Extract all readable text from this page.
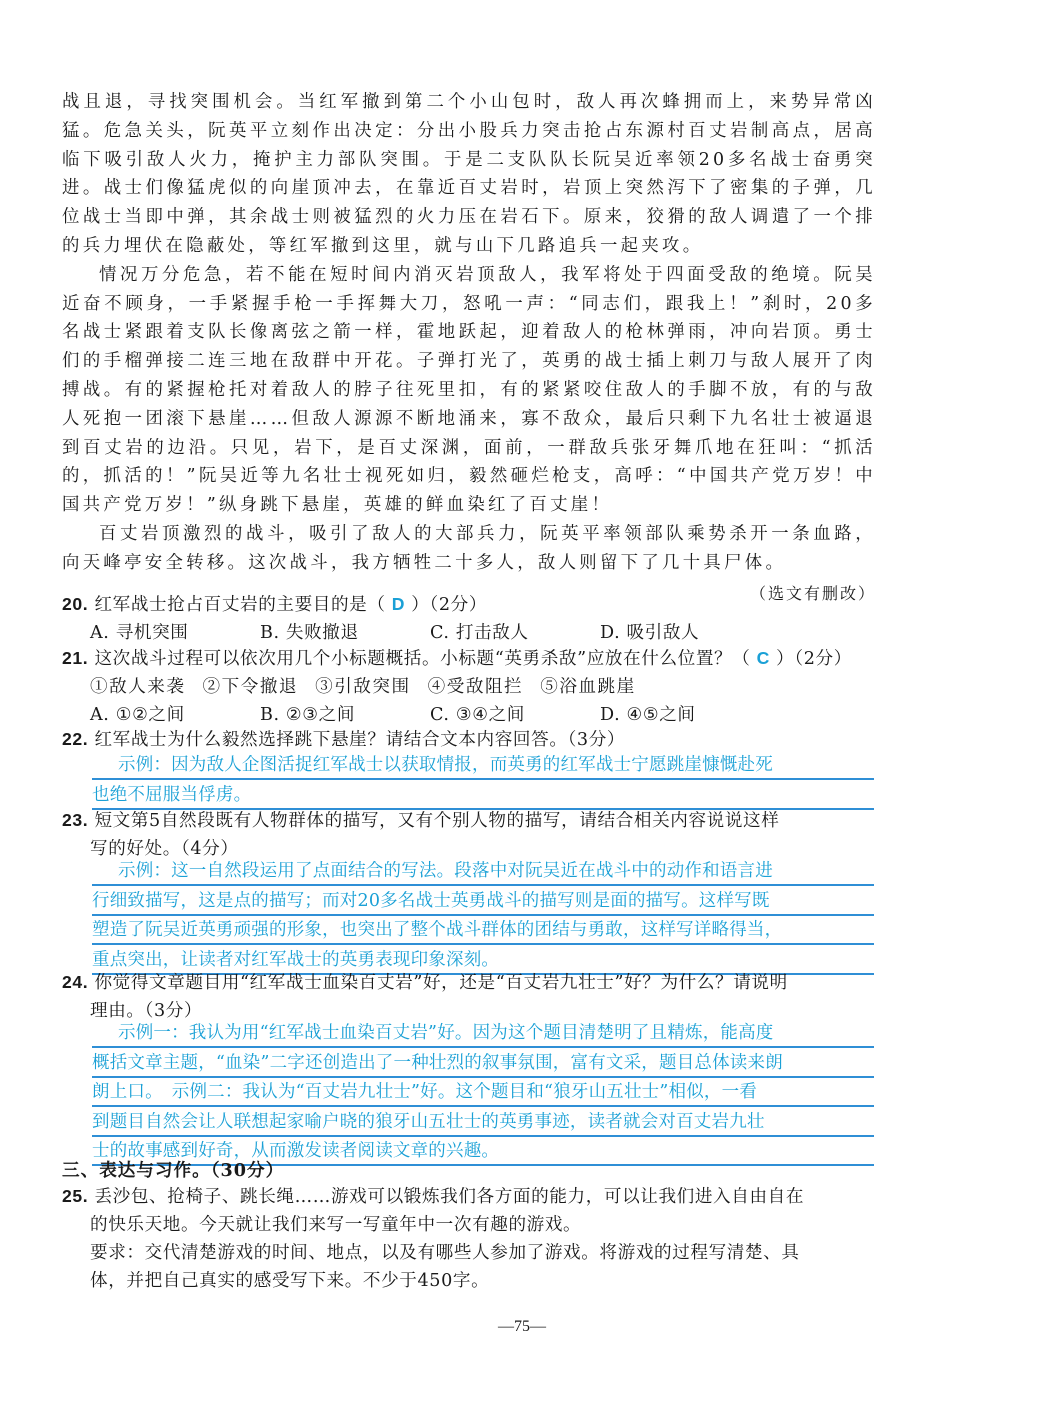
战且退，寻找突围机会。当红军撤到第二个小山包时，敌人再次蜂拥而上，来势异常凶猛。危急关头，阮英平立刻作出决定：分出小股兵力突击抢占东源村百丈岩制高点，居高临下吸引敌人火力，掩护主力部队突围。于是二支队队长阮吴近率领20多名战士奋勇突进。战士们像猛虎似的向崖顶冲去，在靠近百丈岩时，岩顶上突然泻下了密集的子弹，几位战士当即中弹，其余战士则被猛烈的火力压在岩石下。原来，狡猾的敌人调遣了一个排的兵力埋伏在隐蔽处，等红军撤到这里，就与山下几路追兵一起夹攻。

情况万分危急，若不能在短时间内消灭岩顶敌人，我军将处于四面受敌的绝境。阮吴近奋不顾身，一手紧握手枪一手挥舞大刀，怒吼一声：“同志们，跟我上！”刹时，20多名战士紧跟着支队长像离弦之箭一样，霍地跃起，迎着敌人的枪林弹雨，冲向岩顶。勇士们的手榴弹接二连三地在敌群中开花。子弹打光了，英勇的战士插上刺刀与敌人展开了肉搏战。有的紧握枪托对着敌人的脖子往死里扣，有的紧紧咬住敌人的手脚不放，有的与敌人死抱一团滚下悬崖……但敌人源源不断地涌来，寡不敌众，最后只剩下九名壮士被逼退到百丈岩的边沿。只见，岩下，是百丈深渊，面前，一群敌兵张牙舞爪地在狂叫：“抓活的，抓活的！”阮吴近等九名壮士视死如归，毅然砸烂枪支，高呼：“中国共产党万岁！中国共产党万岁！”纵身跳下悬崖，英雄的鲜血染红了百丈崖！

百丈岩顶激烈的战斗，吸引了敌人的大部兵力，阮英平率领部队乘势杀开一条血路，向天峰亭安全转移。这次战斗，我方牺牲二十多人，敌人则留下了几十具尸体。

（选文有删改）
20. 红军战士抢占百丈岩的主要目的是（ D ）（2分）
A. 寻机突围	B. 失败撤退	C. 打击敌人	D. 吸引敌人
21. 这次战斗过程可以依次用几个小标题概括。小标题“英勇杀敌”应放在什么位置？（ C ）（2分）
①敌人来袭 ②下令撤退 ③引敌突围 ④受敌阻拦 ⑤浴血跳崖
A. ①②之间	B. ②③之间	C. ③④之间	D. ④⑤之间
22. 红军战士为什么毅然选择跳下悬崖？请结合文本内容回答。（3分）
示例：因为敌人企图活捉红军战士以获取情报，而英勇的红军战士宁愿跳崖慷慨赴死
也绝不屈服当俘虏。
23. 短文第5自然段既有人物群体的描写，又有个别人物的描写，请结合相关内容说说这样
写的好处。（4分）
示例：这一自然段运用了点面结合的写法。段落中对阮吴近在战斗中的动作和语言进
行细致描写，这是点的描写；而对20多名战士英勇战斗的描写则是面的描写。这样写既
塑造了阮吴近英勇顽强的形象，也突出了整个战斗群体的团结与勇敢，这样写详略得当，
重点突出，让读者对红军战士的英勇表现印象深刻。
24. 你觉得文章题目用“红军战士血染百丈岩”好，还是“百丈岩九壮士”好？为什么？请说明
理由。（3分）
示例一：我认为用“红军战士血染百丈岩”好。因为这个题目清楚明了且精炼，能高度
概括文章主题，“血染”二字还创造出了一种壮烈的叙事氛围，富有文采，题目总体读来朗
朗上口。　示例二：我认为“百丈岩九壮士”好。这个题目和“狼牙山五壮士”相似，一看
到题目自然会让人联想起家喻户晓的狼牙山五壮士的英勇事迹，读者就会对百丈岩九壮
士的故事感到好奇，从而激发读者阅读文章的兴趣。
三、表达与习作。（30分）
25. 丢沙包、抢椅子、跳长绳……游戏可以锻炼我们各方面的能力，可以让我们进入自由自在
的快乐天地。今天就让我们来写一写童年中一次有趣的游戏。
要求：交代清楚游戏的时间、地点，以及有哪些人参加了游戏。将游戏的过程写清楚、具
体，并把自己真实的感受写下来。不少于450字。
—75—
